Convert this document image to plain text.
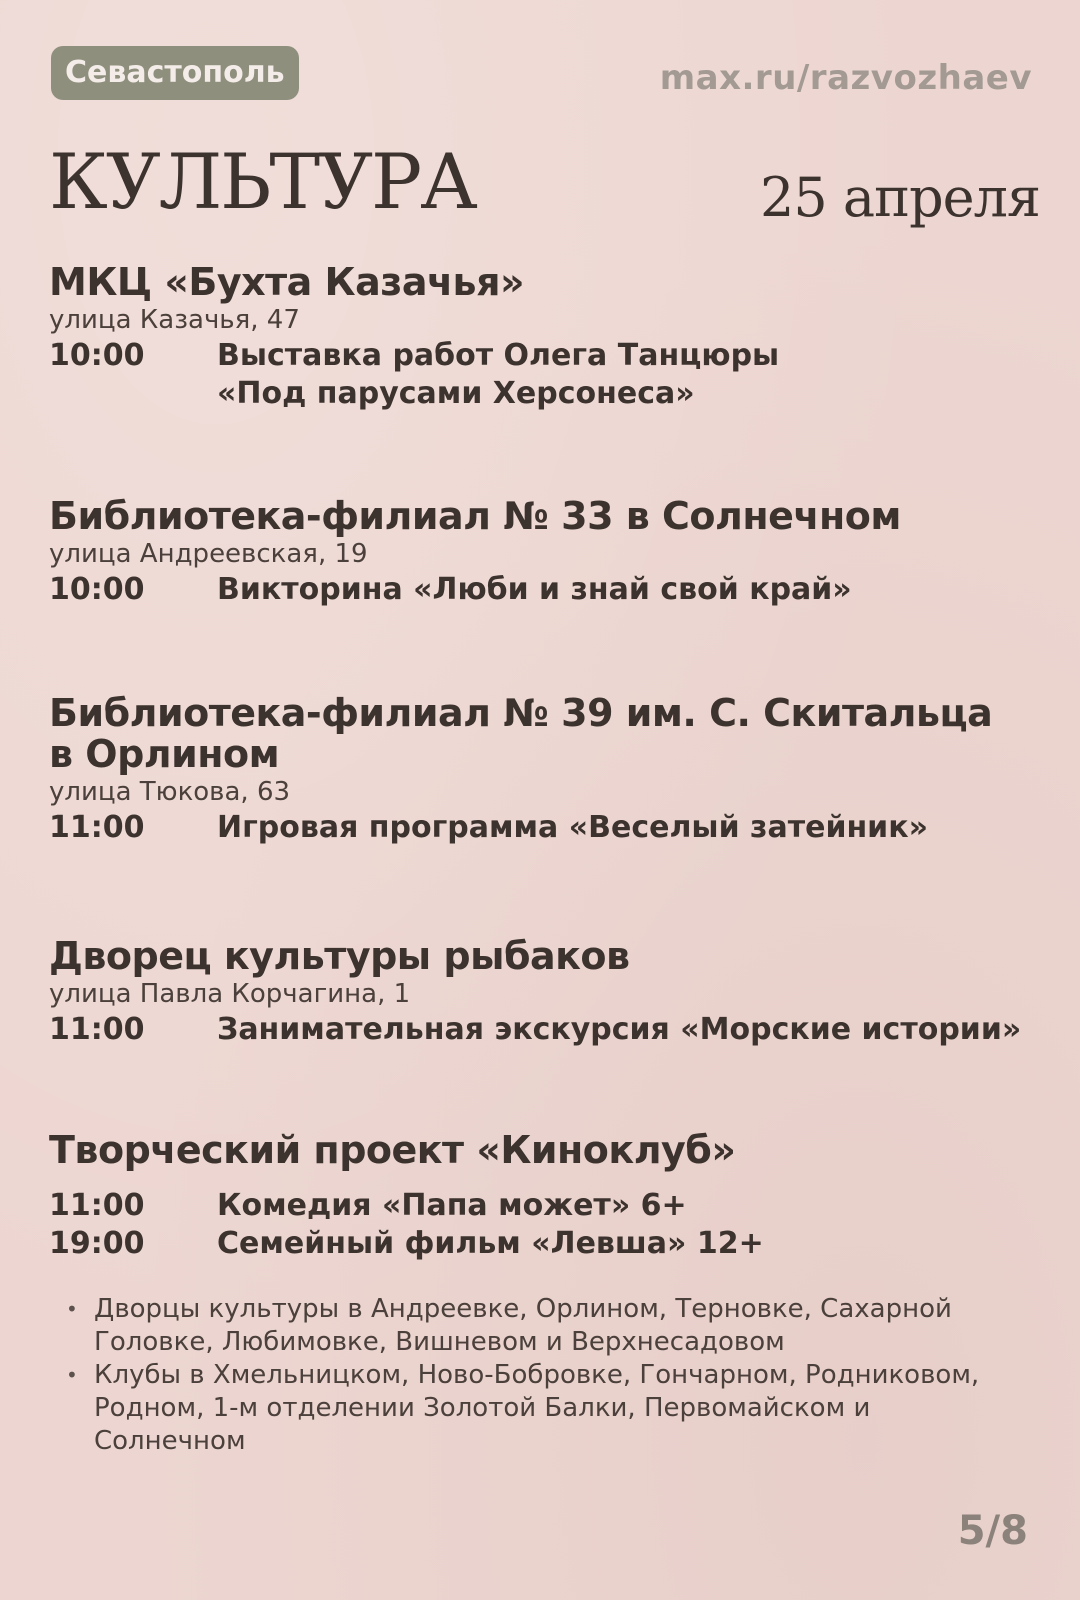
Севастополь	max.ru/razvozhaev
КУЛЬТУРА	25 апреля
МКЦ «Бухта Казачья»
улица Казачья, 47
10:00	Выставка работ Олега Танцюры
«Под парусами Херсонеса»
Библиотека-филиал № 33 в Солнечном
улица Андреевская, 19
10:00	Викторина «Люби и знай свой край»
Библиотека-филиал № 39 им. С. Скитальца
в Орлином
улица Тюкова, 63
11:00	Игровая программа «Веселый затейник»
Дворец культуры рыбаков
улица Павла Корчагина, 1
11:00	Занимательная экскурсия «Морские истории»
Творческий проект «Киноклуб»
11:00	Комедия «Папа может» 6+
19:00	Семейный фильм «Левша» 12+
• Дворцы культуры в Андреевке, Орлином, Терновке, Сахарной Головке, Любимовке, Вишневом и Верхнесадовом
• Клубы в Хмельницком, Ново-Бобровке, Гончарном, Родниковом, Родном, 1-м отделении Золотой Балки, Первомайском и Солнечном
5/8
